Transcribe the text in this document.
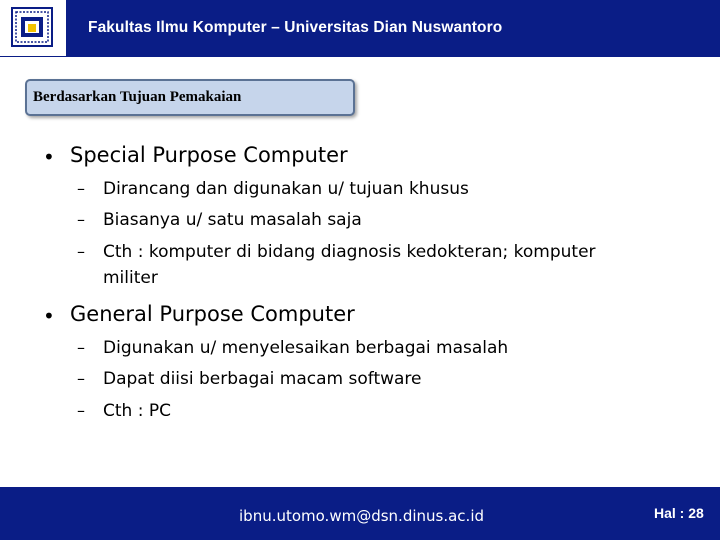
Fakultas Ilmu Komputer – Universitas Dian Nuswantoro
Berdasarkan Tujuan Pemakaian
• Special Purpose Computer
– Dirancang dan digunakan u/ tujuan khusus
– Biasanya u/ satu masalah saja
– Cth : komputer di bidang diagnosis kedokteran; komputer
militer
• General Purpose Computer
– Digunakan u/ menyelesaikan berbagai masalah
– Dapat diisi berbagai macam software
– Cth : PC
ibnu.utomo.wm@dsn.dinus.ac.id	Hal : 28
